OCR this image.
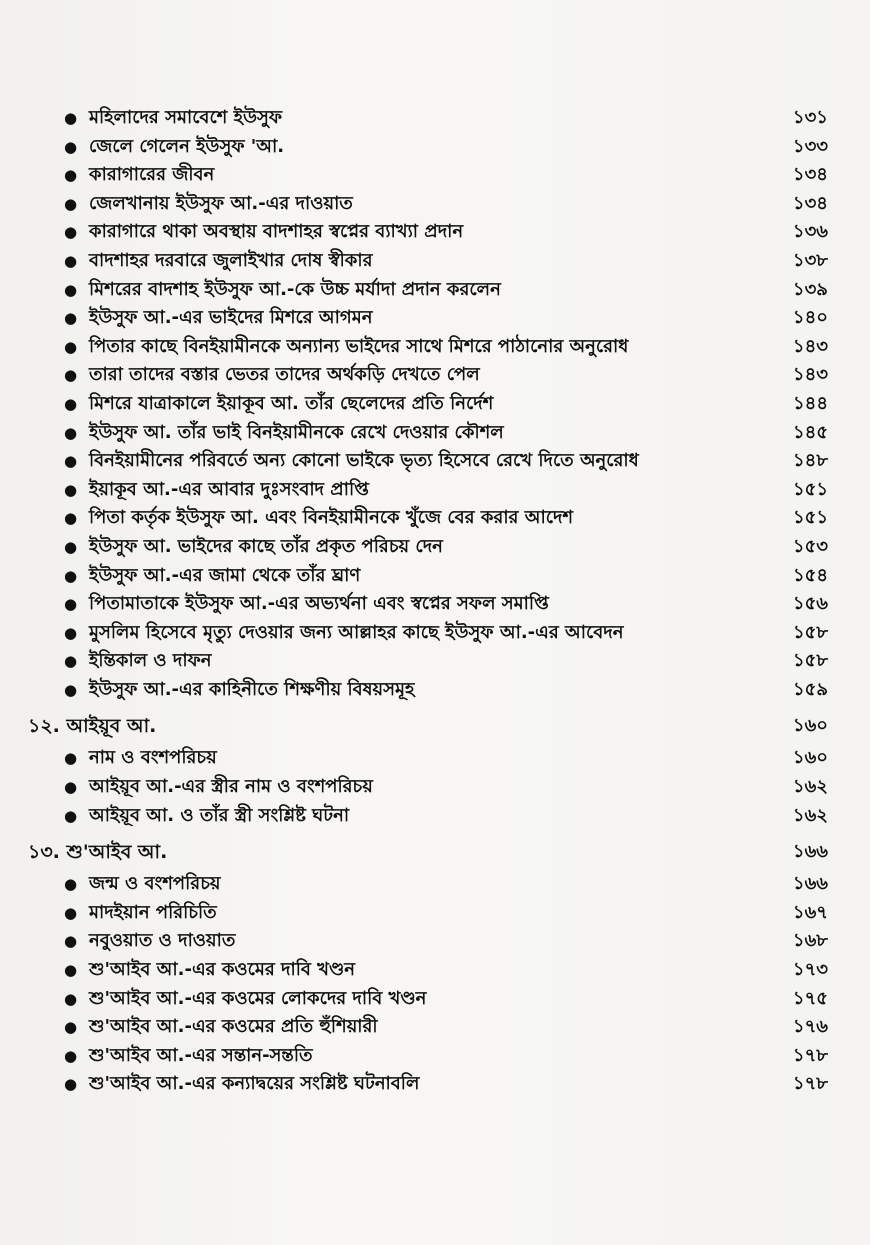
● মহিলাদের সমাবেশে ইউসুফ	১৩১
● জেলে গেলেন ইউসুফ 'আ.	১৩৩
● কারাগারের জীবন	১৩৪
● জেলখানায় ইউসুফ আ.-এর দাওয়াত	১৩৪
● কারাগারে থাকা অবস্থায় বাদশাহর স্বপ্নের ব্যাখ্যা প্রদান	১৩৬
● বাদশাহর দরবারে জুলাইখার দোষ স্বীকার	১৩৮
● মিশরের বাদশাহ ইউসুফ আ.-কে উচ্চ মর্যাদা প্রদান করলেন	১৩৯
● ইউসুফ আ.-এর ভাইদের মিশরে আগমন	১৪০
● পিতার কাছে বিনইয়ামীনকে অন্যান্য ভাইদের সাথে মিশরে পাঠানোর অনুরোধ	১৪৩
● তারা তাদের বস্তার ভেতর তাদের অর্থকড়ি দেখতে পেল	১৪৩
● মিশরে যাত্রাকালে ইয়াকূব আ. তাঁর ছেলেদের প্রতি নির্দেশ	১৪৪
● ইউসুফ আ. তাঁর ভাই বিনইয়ামীনকে রেখে দেওয়ার কৌশল	১৪৫
● বিনইয়ামীনের পরিবর্তে অন্য কোনো ভাইকে ভৃত্য হিসেবে রেখে দিতে অনুরোধ	১৪৮
● ইয়াকূব আ.-এর আবার দুঃসংবাদ প্রাপ্তি	১৫১
● পিতা কর্তৃক ইউসুফ আ. এবং বিনইয়ামীনকে খুঁজে বের করার আদেশ	১৫১
● ইউসুফ আ. ভাইদের কাছে তাঁর প্রকৃত পরিচয় দেন	১৫৩
● ইউসুফ আ.-এর জামা থেকে তাঁর ঘ্রাণ	১৫৪
● পিতামাতাকে ইউসুফ আ.-এর অভ্যর্থনা এবং স্বপ্নের সফল সমাপ্তি	১৫৬
● মুসলিম হিসেবে মৃত্যু দেওয়ার জন্য আল্লাহর কাছে ইউসুফ আ.-এর আবেদন	১৫৮
● ইন্তিকাল ও দাফন	১৫৮
● ইউসুফ আ.-এর কাহিনীতে শিক্ষণীয় বিষয়সমূহ	১৫৯
১২. আইয়ূব আ.	১৬০
● নাম ও বংশপরিচয়	১৬০
● আইয়ূব আ.-এর স্ত্রীর নাম ও বংশপরিচয়	১৬২
● আইয়ূব আ. ও তাঁর স্ত্রী সংশ্লিষ্ট ঘটনা	১৬২
১৩. শু'আইব আ.	১৬৬
● জন্ম ও বংশপরিচয়	১৬৬
● মাদইয়ান পরিচিতি	১৬৭
● নবুওয়াত ও দাওয়াত	১৬৮
● শু'আইব আ.-এর কওমের দাবি খণ্ডন	১৭৩
● শু'আইব আ.-এর কওমের লোকদের দাবি খণ্ডন	১৭৫
● শু'আইব আ.-এর কওমের প্রতি হুঁশিয়ারী	১৭৬
● শু'আইব আ.-এর সন্তান-সন্ততি	১৭৮
● শু'আইব আ.-এর কন্যাদ্বয়ের সংশ্লিষ্ট ঘটনাবলি	১৭৮
